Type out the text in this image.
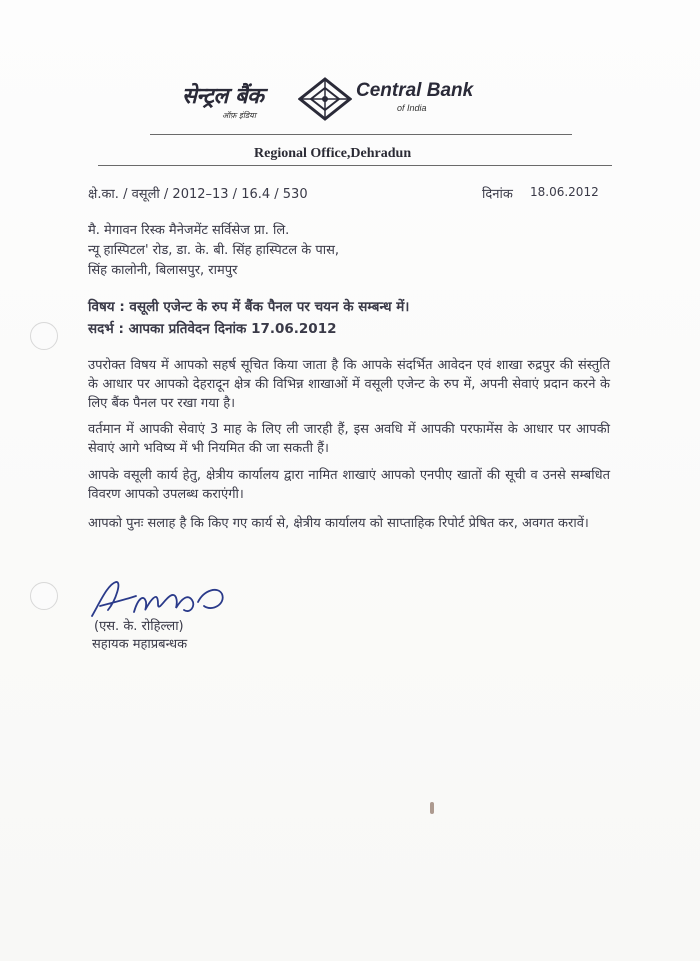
सेन्ट्रल बैंक
ऑफ़ इंडिया
Central Bank
of India
Regional Office,Dehradun
क्षे.का. / वसूली / 2012–13 / 16.4 / 530	दिनांक 18.06.2012
मै. मेगावन रिस्क मैनेजमेंट सर्विसेज प्रा. लि.
न्यू हास्पिटल' रोड, डा. के. बी. सिंह हास्पिटल के पास,
सिंह कालोनी, बिलासपुर, रामपुर
विषय : वसूली एजेन्ट के रुप में बैंक पैनल पर चयन के सम्बन्ध में।
सदर्भ : आपका प्रतिवेदन दिनांक 17.06.2012
उपरोक्त विषय में आपको सहर्ष सूचित किया जाता है कि आपके संदर्भित आवेदन एवं शाखा रुद्रपुर की संस्तुति के आधार पर आपको देहरादून क्षेत्र की विभिन्न शाखाओं में वसूली एजेन्ट के रुप में, अपनी सेवाएं प्रदान करने के लिए बैंक पैनल पर रखा गया है।
वर्तमान में आपकी सेवाएं 3 माह के लिए ली जारही हैं, इस अवधि में आपकी परफामेंस के आधार पर आपकी सेवाएं आगे भविष्य में भी नियमित की जा सकती हैं।
आपके वसूली कार्य हेतु, क्षेत्रीय कार्यालय द्वारा नामित शाखाएं आपको एनपीए खातों की सूची व उनसे सम्बधित विवरण आपको उपलब्ध कराएंगी।
आपको पुनः सलाह है कि किए गए कार्य से, क्षेत्रीय कार्यालय को साप्ताहिक रिपोर्ट प्रेषित कर, अवगत करावें।
(एस. के. रोहिल्ला)
सहायक महाप्रबन्धक
